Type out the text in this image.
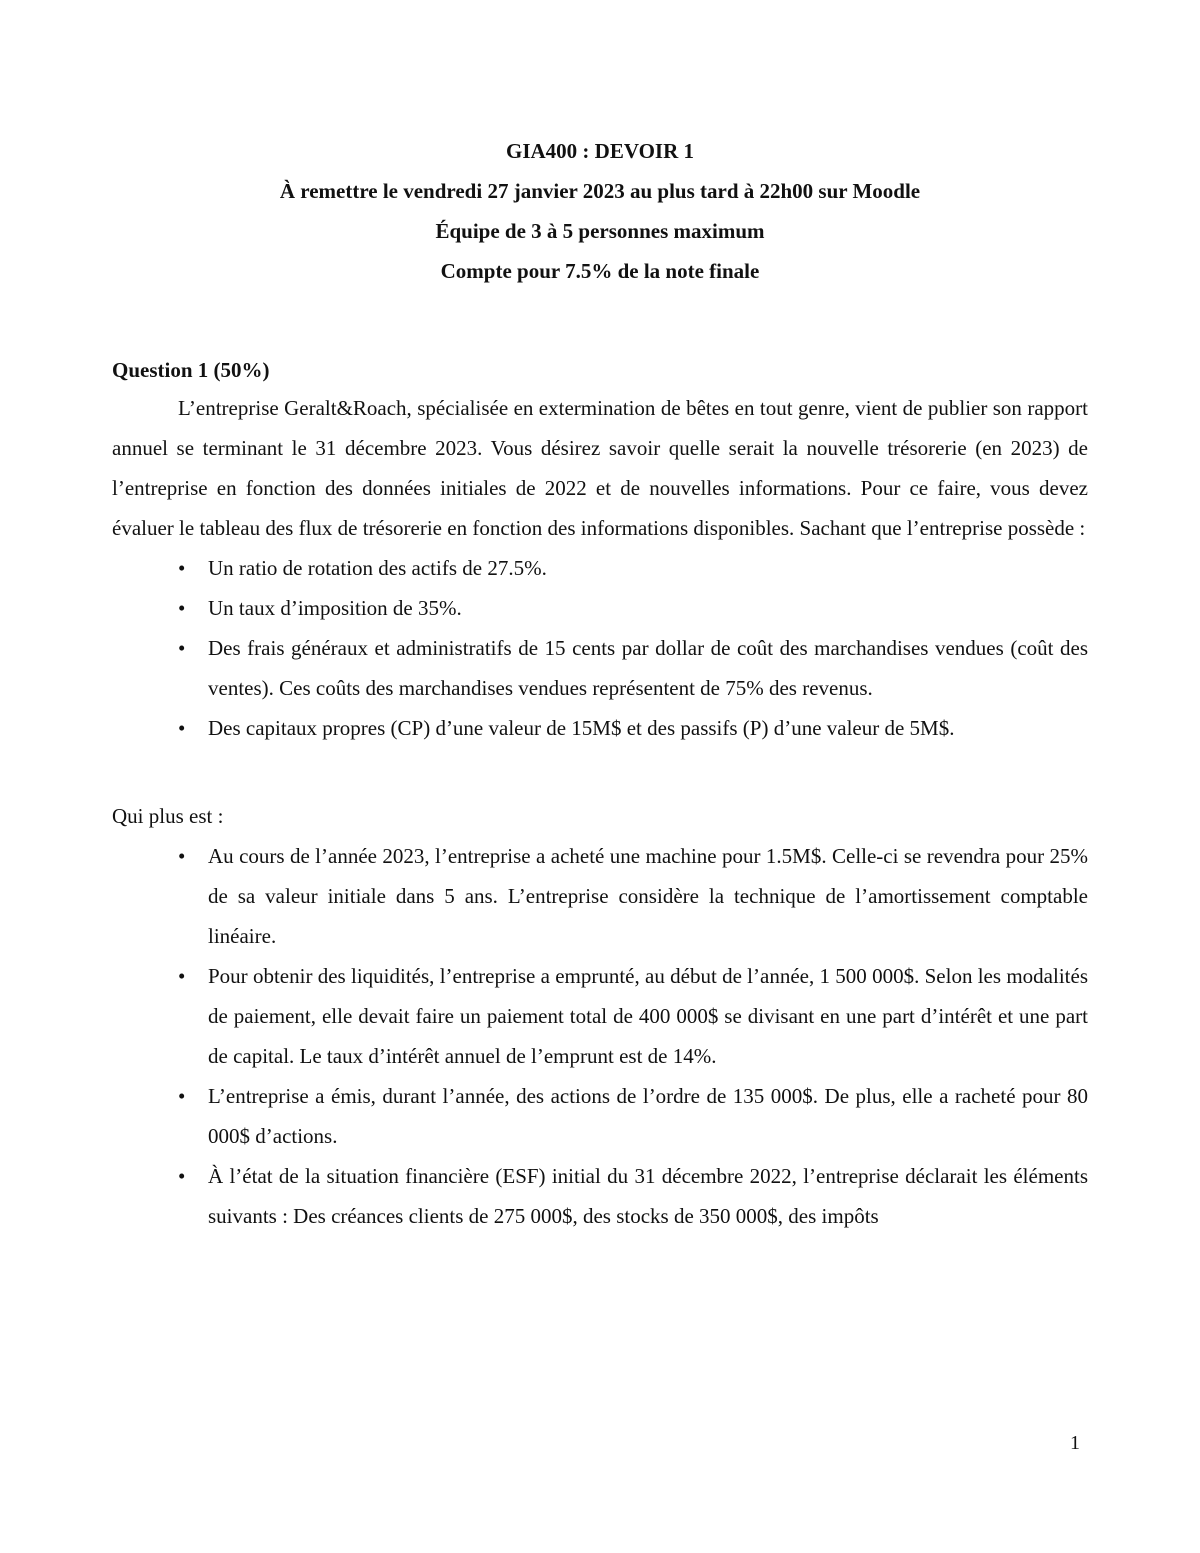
GIA400 : DEVOIR 1
À remettre le vendredi 27 janvier 2023 au plus tard à 22h00 sur Moodle
Équipe de 3 à 5 personnes maximum
Compte pour 7.5% de la note finale
Question 1 (50%)

L’entreprise Geralt&Roach, spécialisée en extermination de bêtes en tout genre, vient de publier son rapport annuel se terminant le 31 décembre 2023. Vous désirez savoir quelle serait la nouvelle trésorerie (en 2023) de l’entreprise en fonction des données initiales de 2022 et de nouvelles informations. Pour ce faire, vous devez évaluer le tableau des flux de trésorerie en fonction des informations disponibles. Sachant que l’entreprise possède :

• Un ratio de rotation des actifs de 27.5%.
• Un taux d’imposition de 35%.
• Des frais généraux et administratifs de 15 cents par dollar de coût des marchandises vendues (coût des ventes). Ces coûts des marchandises vendues représentent de 75% des revenus.
• Des capitaux propres (CP) d’une valeur de 15M$ et des passifs (P) d’une valeur de 5M$.
Qui plus est :
• Au cours de l’année 2023, l’entreprise a acheté une machine pour 1.5M$. Celle-ci se revendra pour 25% de sa valeur initiale dans 5 ans. L’entreprise considère la technique de l’amortissement comptable linéaire.
• Pour obtenir des liquidités, l’entreprise a emprunté, au début de l’année, 1 500 000$. Selon les modalités de paiement, elle devait faire un paiement total de 400 000$ se divisant en une part d’intérêt et une part de capital. Le taux d’intérêt annuel de l’emprunt est de 14%.
• L’entreprise a émis, durant l’année, des actions de l’ordre de 135 000$. De plus, elle a racheté pour 80 000$ d’actions.
• À l’état de la situation financière (ESF) initial du 31 décembre 2022, l’entreprise déclarait les éléments suivants : Des créances clients de 275 000$, des stocks de 350 000$, des impôts
1
